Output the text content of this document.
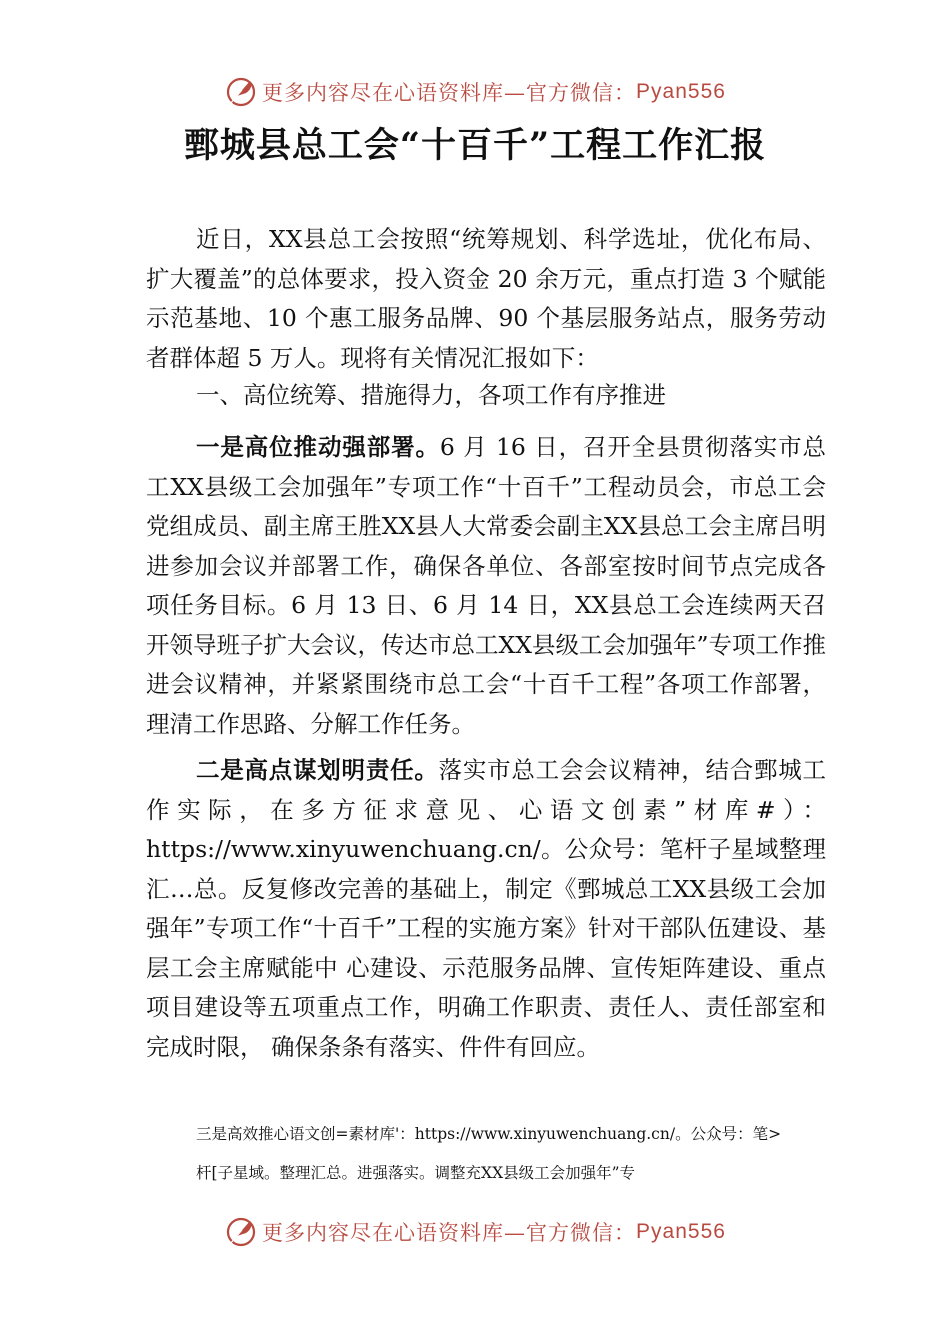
更多内容尽在心语资料库—官方微信： Pyan556
鄄城县总工会“十百千”工程工作汇报

近日，XX县总工会按照“统筹规划、科学选址，优化布局、扩大覆盖”的总体要求，投入资金 20 余万元，重点打造 3 个赋能示范基地、10 个惠工服务品牌、90 个基层服务站点，服务劳动者群体超 5 万人。现将有关情况汇报如下：

一、高位统筹、措施得力，各项工作有序推进

一是高位推动强部署。6 月 16 日，召开全县贯彻落实市总工XX县级工会加强年”专项工作“十百千”工程动员会，市总工会党组成员、副主席王胜XX县人大常委会副主XX县总工会主席吕明进参加会议并部署工作，确保各单位、各部室按时间节点完成各项任务目标。6 月 13 日、6 月 14 日，XX县总工会连续两天召开领导班子扩大会议，传达市总工XX县级工会加强年”专项工作推进会议精神，并紧紧围绕市总工会“十百千工程”各项工作部署，理清工作思路、分解工作任务。

二是高点谋划明责任。落实市总工会会议精神，结合鄄城工作实际，在多方征求意见、心语文创素”材库#）：https://www.xinyuwenchuang.cn/。公众号：笔杆子星域整理汇…总。反复修改完善的基础上，制定《鄄城总工XX县级工会加强年”专项工作“十百千”工程的实施方案》针对干部队伍建设、基层工会主席赋能中 心建设、示范服务品牌、宣传矩阵建设、重点项目建设等五项重点工作，明确工作职责、责任人、责任部室和完成时限， 确保条条有落实、件件有回应。

三是高效推心语文创=素材库'：https://www.xinyuwenchuang.cn/。公众号：笔>

杆[子星域。整理汇总。进强落实。调整充XX县级工会加强年”专

更多内容尽在心语资料库—官方微信： Pyan556
